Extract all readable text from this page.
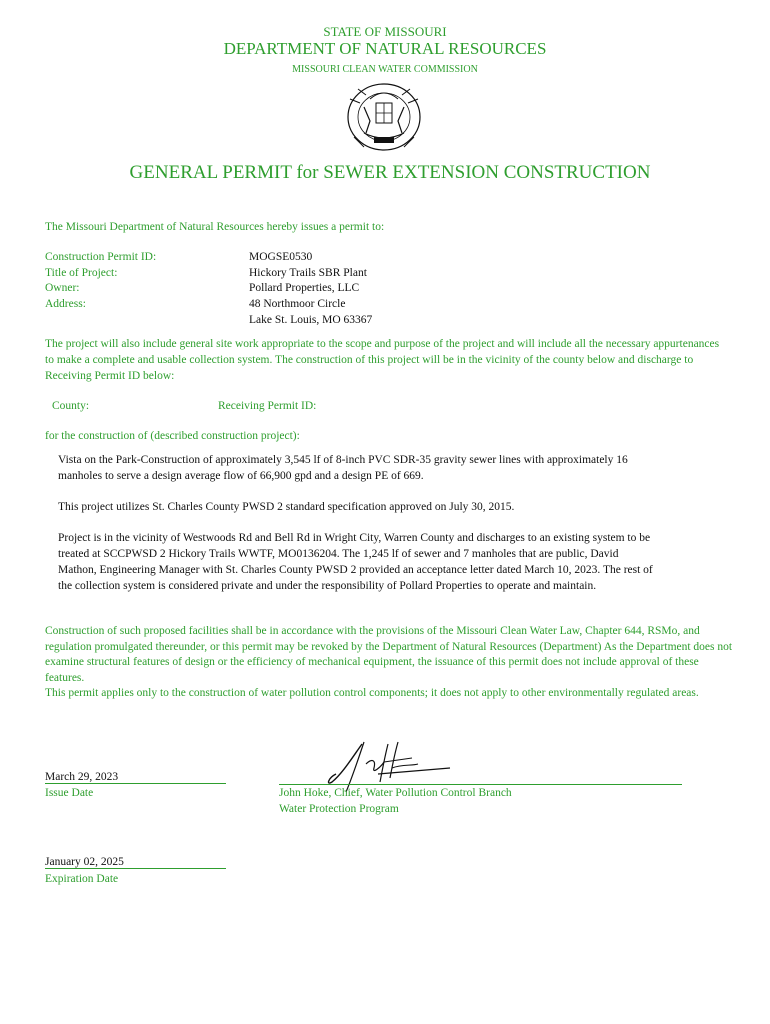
STATE OF MISSOURI
DEPARTMENT OF NATURAL RESOURCES
MISSOURI CLEAN WATER COMMISSION
GENERAL PERMIT for SEWER EXTENSION CONSTRUCTION
The Missouri Department of Natural Resources hereby issues a permit to:
Construction Permit ID:	MOGSE0530
Title of Project:	Hickory Trails SBR Plant
Owner:	Pollard Properties, LLC
Address:	48 Northmoor Circle
Lake St. Louis, MO 63367
The project will also include general site work appropriate to the scope and purpose of the project and will include all the necessary appurtenances to make a complete and usable collection system. The construction of this project will be in the vicinity of the county below and discharge to Receiving Permit ID below:
County:	Receiving Permit ID:
for the construction of (described construction project):
Vista on the Park-Construction of approximately 3,545 lf of 8-inch PVC SDR-35 gravity sewer lines with approximately 16 manholes to serve a design average flow of 66,900 gpd and a design PE of 669.
This project utilizes St. Charles County PWSD 2 standard specification approved on July 30, 2015.
Project is in the vicinity of Westwoods Rd and Bell Rd in Wright City, Warren County and discharges to an existing system to be treated at SCCPWSD 2 Hickory Trails WWTF, MO0136204. The 1,245 lf of sewer and 7 manholes that are public, David Mathon, Engineering Manager with St. Charles County PWSD 2 provided an acceptance letter dated March 10, 2023. The rest of the collection system is considered private and under the responsibility of Pollard Properties to operate and maintain.
Construction of such proposed facilities shall be in accordance with the provisions of the Missouri Clean Water Law, Chapter 644, RSMo, and regulation promulgated thereunder, or this permit may be revoked by the Department of Natural Resources (Department) As the Department does not examine structural features of design or the efficiency of mechanical equipment, the issuance of this permit does not include approval of these features.
This permit applies only to the construction of water pollution control components; it does not apply to other environmentally regulated areas.
March 29, 2023
Issue Date	John Hoke, Chief, Water Pollution Control Branch
Water Protection Program
January 02, 2025
Expiration Date
